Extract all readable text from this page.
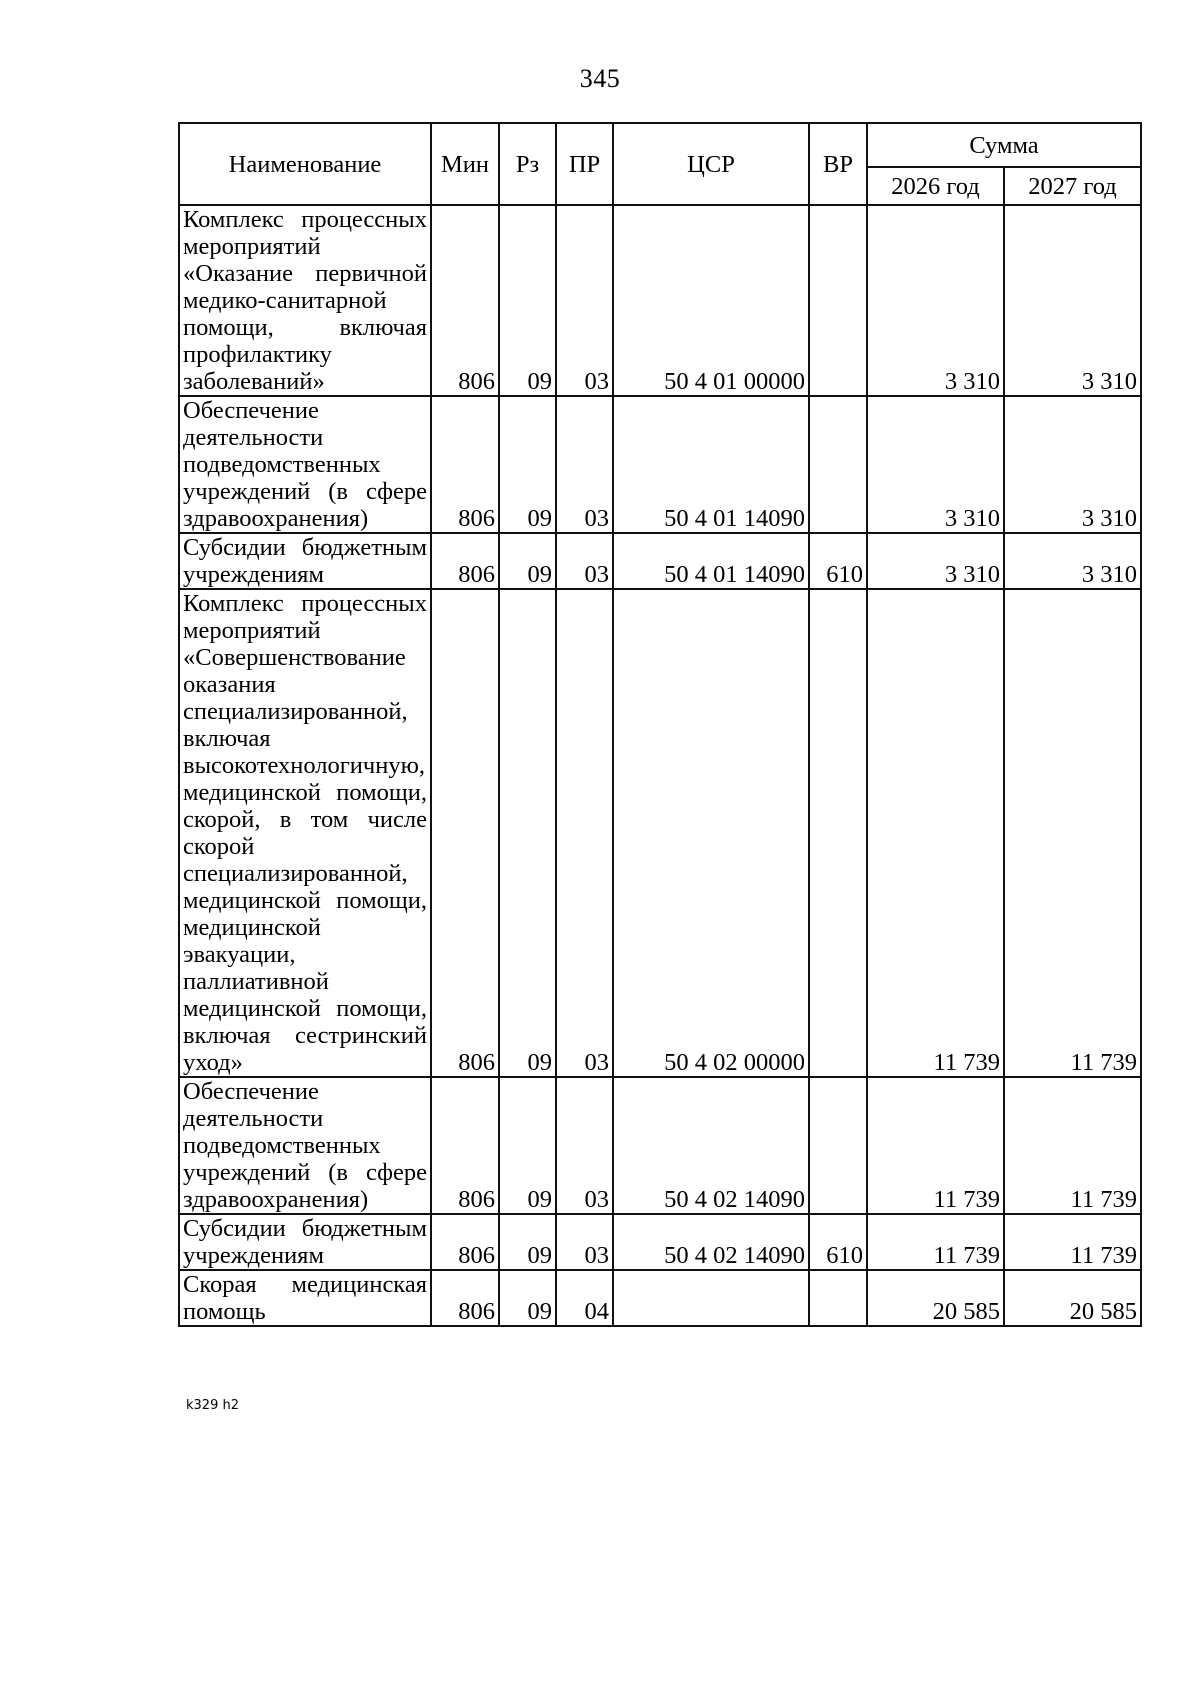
345
Наименование	Мин	Рз	ПР	ЦСР	ВР	Сумма	
						2026 год	2027 год
Комплекс процессных мероприятий «Оказание первичной медико-санитарной помощи, включая профилактику заболеваний»	806	09	03	50 4 01 00000		3 310	3 310
Обеспечение деятельности подведомственных учреждений (в сфере здравоохранения)	806	09	03	50 4 01 14090		3 310	3 310
Субсидии бюджетным учреждениям	806	09	03	50 4 01 14090	610	3 310	3 310
Комплекс процессных мероприятий «Совершенствование оказания специализированной, включая высокотехнологичную, медицинской помощи, скорой, в том числе скорой специализированной, медицинской помощи, медицинской эвакуации, паллиативной медицинской помощи, включая сестринский уход»	806	09	03	50 4 02 00000		11 739	11 739
Обеспечение деятельности подведомственных учреждений (в сфере здравоохранения)	806	09	03	50 4 02 14090		11 739	11 739
Субсидии бюджетным учреждениям	806	09	03	50 4 02 14090	610	11 739	11 739
Скорая медицинская помощь	806	09	04			20 585	20 585
k329 h2
